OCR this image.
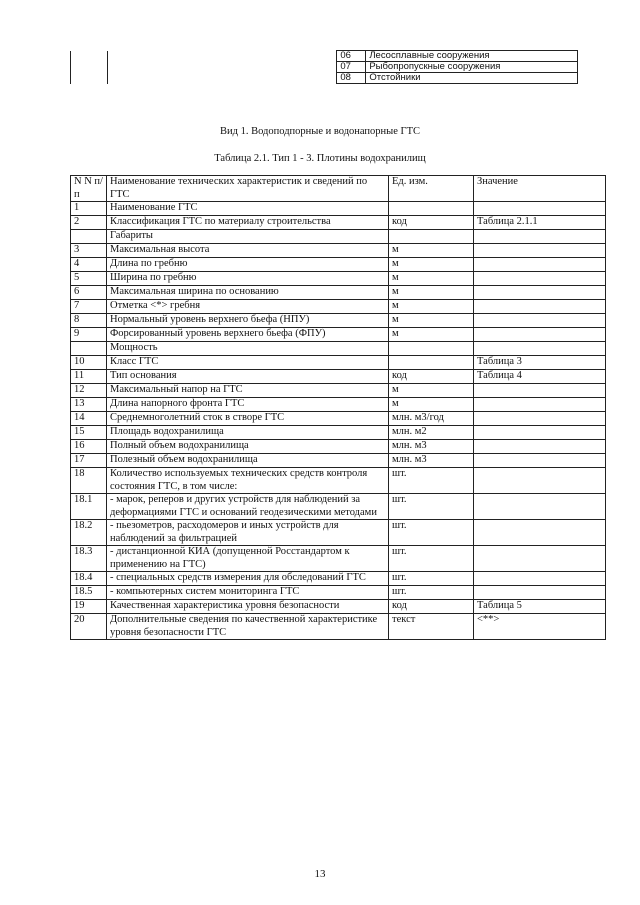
		06	Лесосплавные сооружения
		07	Рыбопропускные сооружения
		08	Отстойники
Вид 1. Водоподпорные и водонапорные ГТС
Таблица 2.1. Тип 1 - 3. Плотины водохранилищ
N N п/п	Наименование технических характеристик и сведений по ГТС	Ед. изм.	Значение
1	Наименование ГТС		
2	Классификация ГТС по материалу строительства	код	Таблица 2.1.1
	Габариты		
3	Максимальная высота	м	
4	Длина по гребню	м	
5	Ширина по гребню	м	
6	Максимальная ширина по основанию	м	
7	Отметка <*> гребня	м	
8	Нормальный уровень верхнего бьефа (НПУ)	м	
9	Форсированный уровень верхнего бьефа (ФПУ)	м	
	Мощность		
10	Класс ГТС		Таблица 3
11	Тип основания	код	Таблица 4
12	Максимальный напор на ГТС	м	
13	Длина напорного фронта ГТС	м	
14	Среднемноголетний сток в створе ГТС	млн. м3/год	
15	Площадь водохранилища	млн. м2	
16	Полный объем водохранилища	млн. м3	
17	Полезный объем водохранилища	млн. м3	
18	Количество используемых технических средств контроля состояния ГТС, в том числе:	шт.	
18.1	- марок, реперов и других устройств для наблюдений за деформациями ГТС и оснований геодезическими методами	шт.	
18.2	- пьезометров, расходомеров и иных устройств для наблюдений за фильтрацией	шт.	
18.3	- дистанционной КИА (допущенной Росстандартом к применению на ГТС)	шт.	
18.4	- специальных средств измерения для обследований ГТС	шт.	
18.5	- компьютерных систем мониторинга ГТС	шт.	
19	Качественная характеристика уровня безопасности	код	Таблица 5
20	Дополнительные сведения по качественной характеристике уровня безопасности ГТС	текст	<**>
13
